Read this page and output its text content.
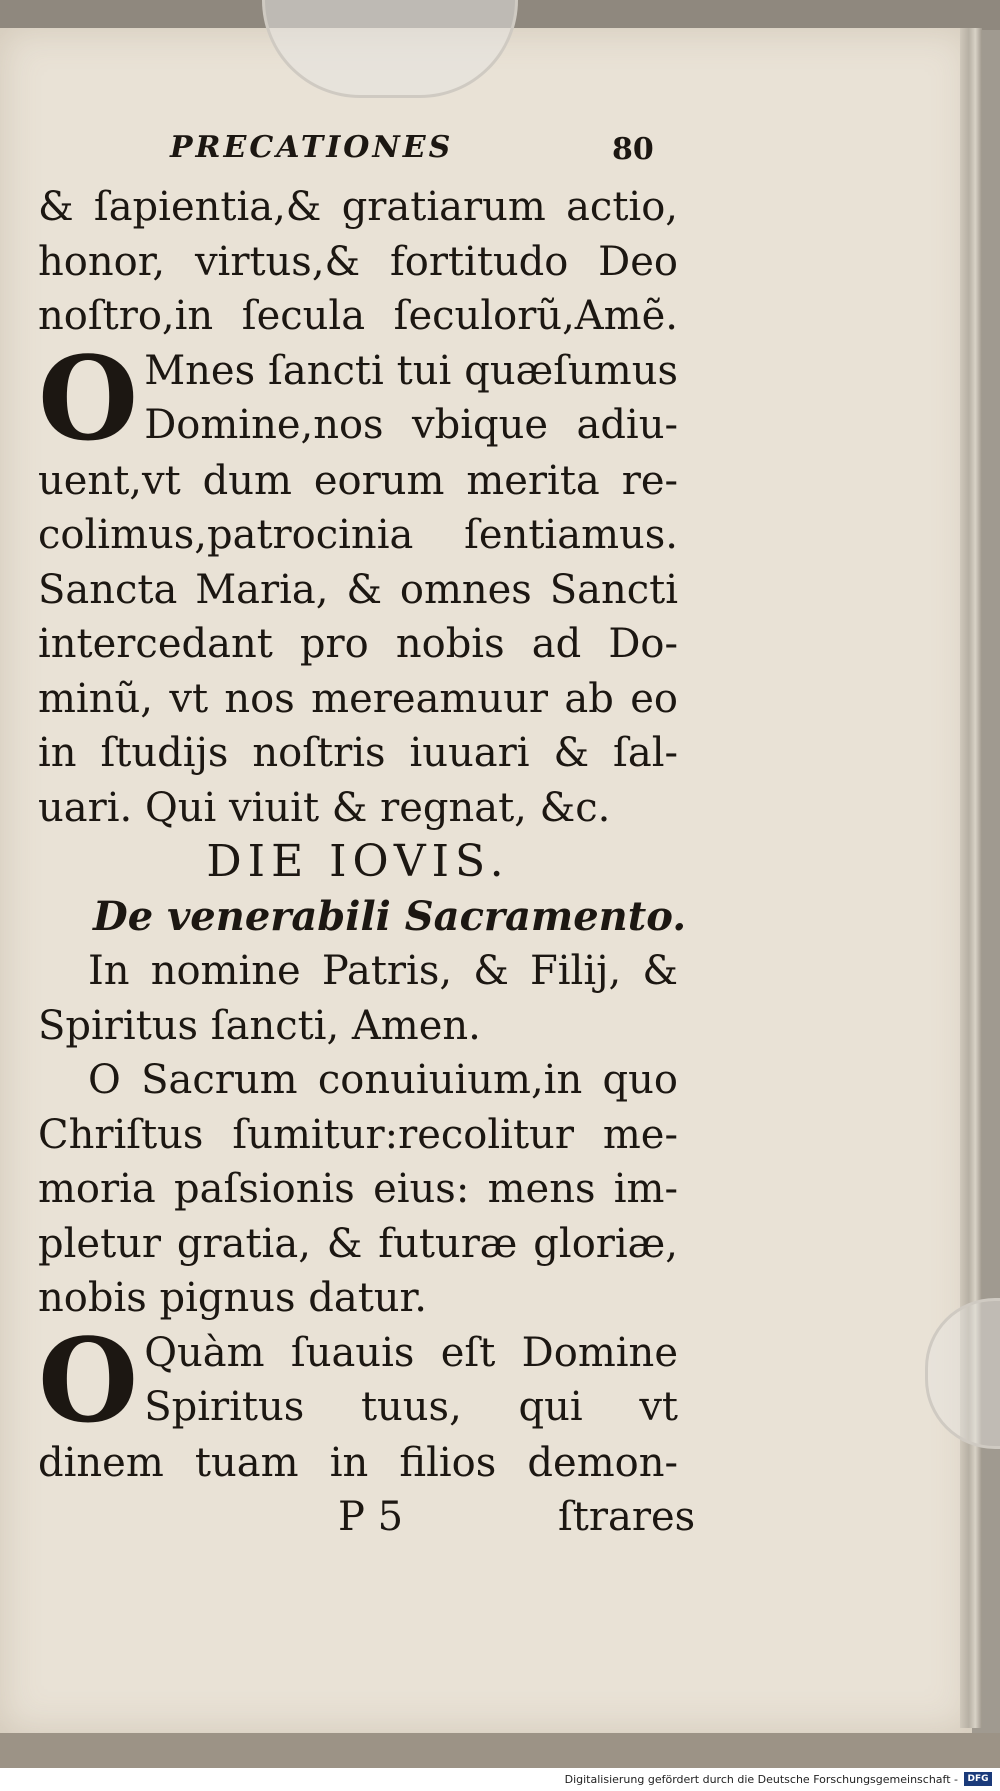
PRECATIONES	80
& ſapientia,& gratiarum actio,
honor, virtus,& fortitudo Deo
noſtro,in ſecula ſeculorũ,Amẽ.
O Mnes ſancti tui quæſumus
Domine,nos vbique adiu-
uent,vt dum eorum merita re-
colimus,patrocinia ſentiamus.
Sancta Maria, & omnes Sancti
intercedant pro nobis ad Do-
minũ, vt nos mereamuur ab eo
in ſtudijs noſtris iuuari & ſal-
uari. Qui viuit & regnat, &c.
DIE IOVIS.
De venerabili Sacramento.
In nomine Patris, & Filij, &
Spiritus ſancti, Amen.
O Sacrum conuiuium,in quo
Chriſtus ſumitur:recolitur me-
moria paſsionis eius: mens im-
pletur gratia, & futuræ gloriæ,
nobis pignus datur.
O Quàm ſuauis eſt Domine
Spiritus tuus, qui vt
dinem tuam in filios demon-
P 5	ſtrares
Digitalisierung gefördert durch die Deutsche Forschungsgemeinschaft -	DFG
